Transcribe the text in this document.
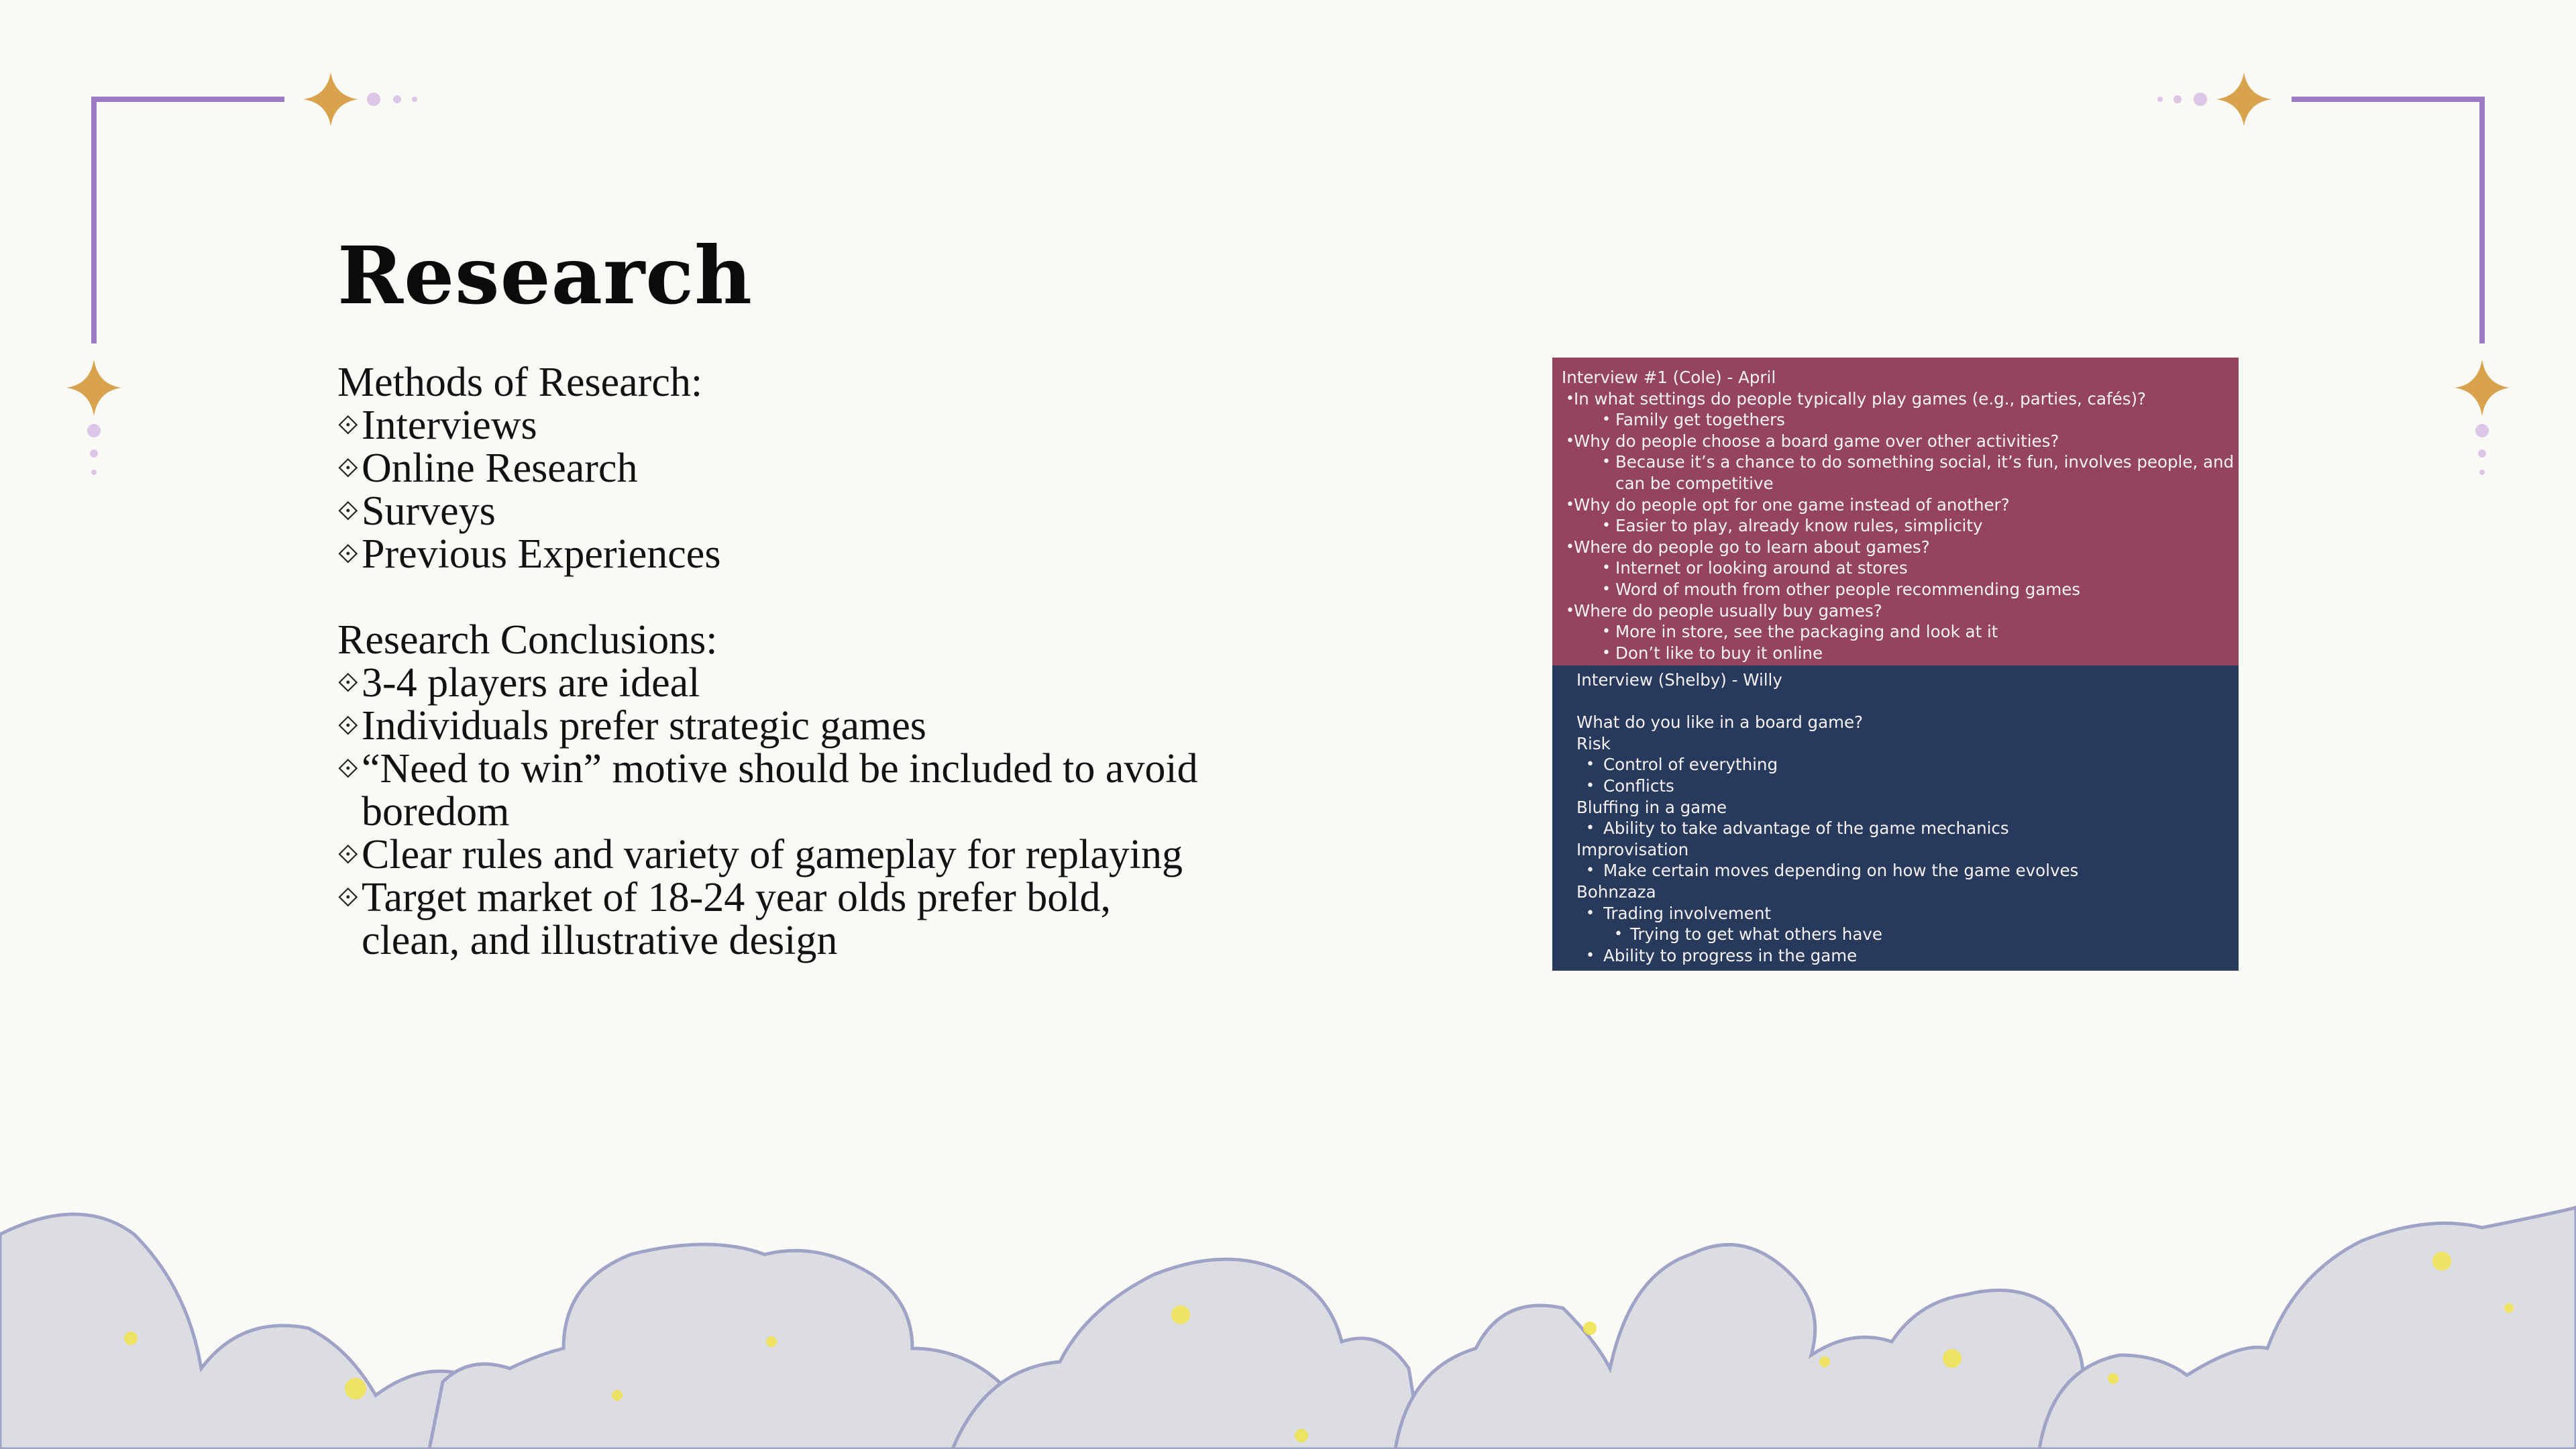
Research
Methods of Research:
⟐ Interviews
⟐ Online Research
⟐ Surveys
⟐ Previous Experiences
Research Conclusions:
⟐ 3-4 players are ideal
⟐ Individuals prefer strategic games
⟐ “Need to win” motive should be included to avoid
boredom
⟐ Clear rules and variety of gameplay for replaying
⟐ Target market of 18-24 year olds prefer bold,
clean, and illustrative design
Interview #1 (Cole) - April
• In what settings do people typically play games (e.g., parties, cafés)?
• Family get togethers
• Why do people choose a board game over other activities?
• Because it’s a chance to do something social, it’s fun, involves people, and
can be competitive
• Why do people opt for one game instead of another?
• Easier to play, already know rules, simplicity
• Where do people go to learn about games?
• Internet or looking around at stores
• Word of mouth from other people recommending games
• Where do people usually buy games?
• More in store, see the packaging and look at it
• Don’t like to buy it online
Interview (Shelby) - Willy

What do you like in a board game?
Risk
• Control of everything
• Conflicts
Bluffing in a game
• Ability to take advantage of the game mechanics
Improvisation
• Make certain moves depending on how the game evolves
Bohnzaza
• Trading involvement
• Trying to get what others have
• Ability to progress in the game
